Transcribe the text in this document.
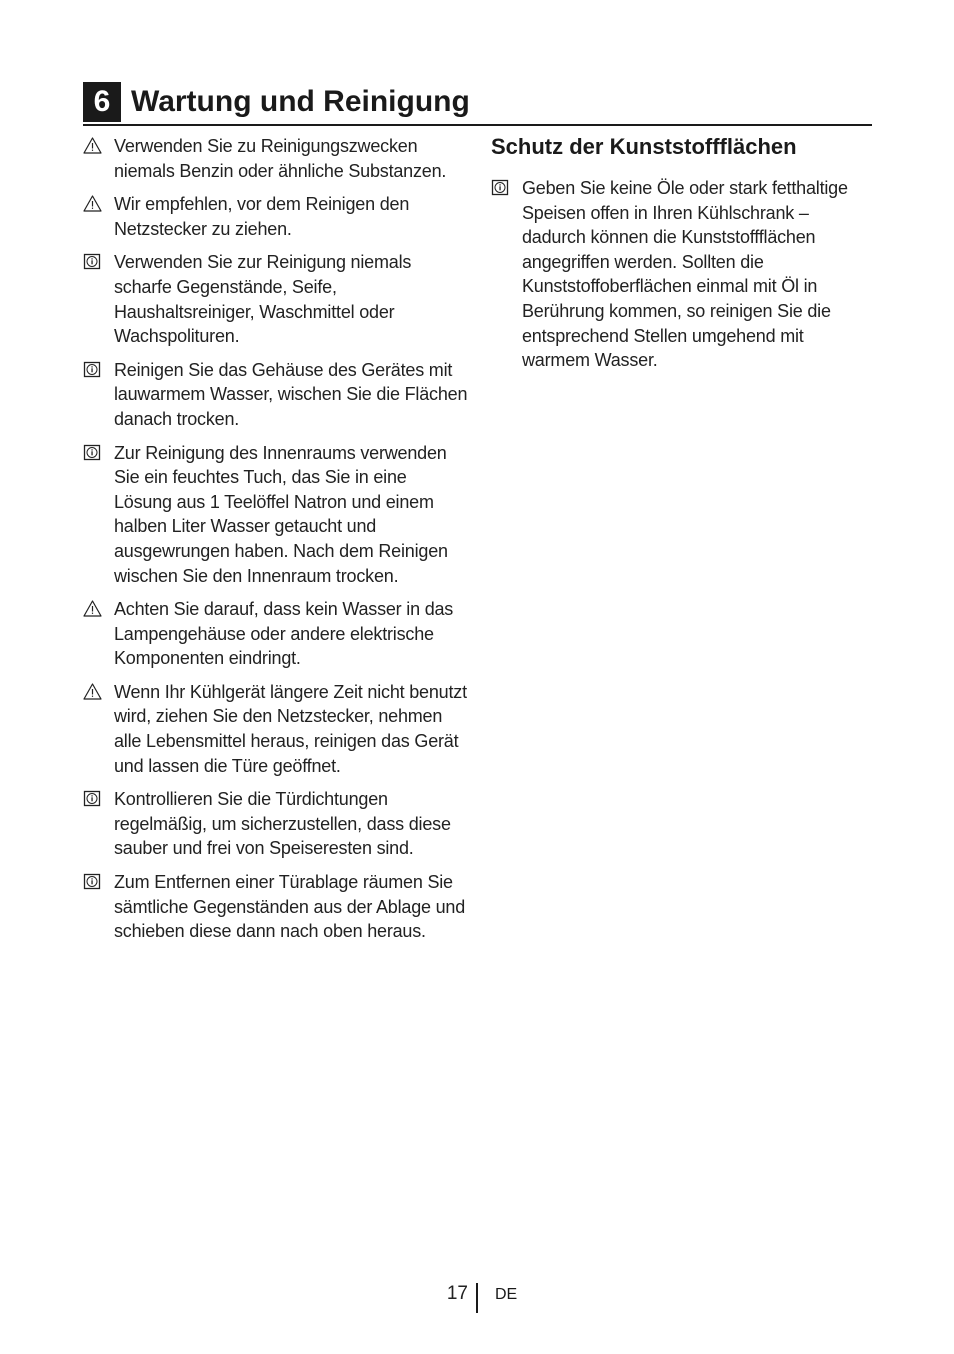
6 Wartung und Reinigung
Verwenden Sie zu Reinigungszwecken niemals Benzin oder ähnliche Substanzen.
Wir empfehlen, vor dem Reinigen den Netzstecker zu ziehen.
Verwenden Sie zur Reinigung niemals scharfe Gegenstände, Seife, Haushaltsreiniger, Waschmittel oder Wachspolituren.
Reinigen Sie das Gehäuse des Gerätes mit lauwarmem Wasser, wischen Sie die Flächen danach trocken.
Zur Reinigung des Innenraums verwenden Sie ein feuchtes Tuch, das Sie in eine Lösung aus 1 Teelöffel Natron und einem halben Liter Wasser getaucht und ausgewrungen haben. Nach dem Reinigen wischen Sie den Innenraum trocken.
Achten Sie darauf, dass kein Wasser in das Lampengehäuse oder andere elektrische Komponenten eindringt.
Wenn Ihr Kühlgerät längere Zeit nicht benutzt wird, ziehen Sie den Netzstecker, nehmen alle Lebensmittel heraus, reinigen das Gerät und lassen die Türe geöffnet.
Kontrollieren Sie die Türdichtungen regelmäßig, um sicherzustellen, dass diese sauber und frei von Speiseresten sind.
Zum Entfernen einer Türablage räumen Sie sämtliche Gegenständen aus der Ablage und schieben diese dann nach oben heraus.
Schutz der Kunststoffflächen
Geben Sie keine Öle oder stark fetthaltige Speisen offen in Ihren Kühlschrank – dadurch können die Kunststoffflächen angegriffen werden. Sollten die Kunststoffoberflächen einmal mit Öl in Berührung kommen, so reinigen Sie die entsprechend Stellen umgehend mit warmem Wasser.
17 DE
